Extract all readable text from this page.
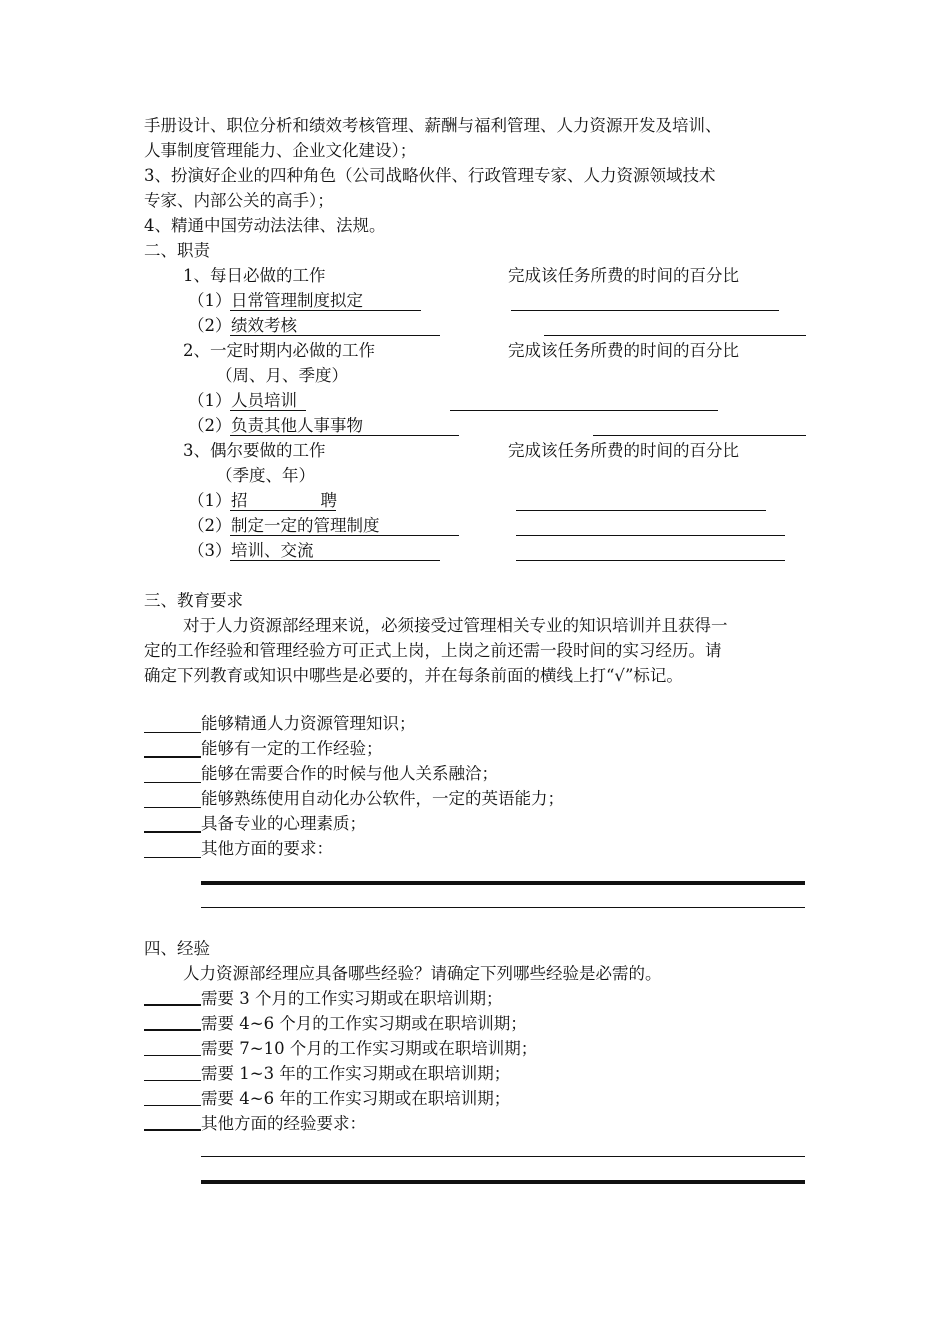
手册设计、职位分析和绩效考核管理、薪酬与福利管理、人力资源开发及培训、
人事制度管理能力、企业文化建设）；
3、扮演好企业的四种角色（公司战略伙伴、行政管理专家、人力资源领域技术
专家、内部公关的高手）；
4、精通中国劳动法法律、法规。
二、职责
1、每日必做的工作	完成该任务所费的时间的百分比
（1） 日常管理制度拟定
（2） 绩效考核
2、一定时期内必做的工作	完成该任务所费的时间的百分比
（周、月、季度）
（1） 人员培训
（2） 负责其他人事事物
3、偶尔要做的工作	完成该任务所费的时间的百分比
（季度、年）
（1） 招 聘
（2） 制定一定的管理制度
（3） 培训、交流
三、教育要求
对于人力资源部经理来说，必须接受过管理相关专业的知识培训并且获得一
定的工作经验和管理经验方可正式上岗，上岗之前还需一段时间的实习经历。请
确定下列教育或知识中哪些是必要的，并在每条前面的横线上打“√”标记。
能够精通人力资源管理知识；
能够有一定的工作经验；
能够在需要合作的时候与他人关系融洽；
能够熟练使用自动化办公软件，一定的英语能力；
具备专业的心理素质；
其他方面的要求：
四、经验
人力资源部经理应具备哪些经验？请确定下列哪些经验是必需的。
需要 3 个月的工作实习期或在职培训期；
需要 4~6 个月的工作实习期或在职培训期；
需要 7~10 个月的工作实习期或在职培训期；
需要 1~3 年的工作实习期或在职培训期；
需要 4~6 年的工作实习期或在职培训期；
其他方面的经验要求：
